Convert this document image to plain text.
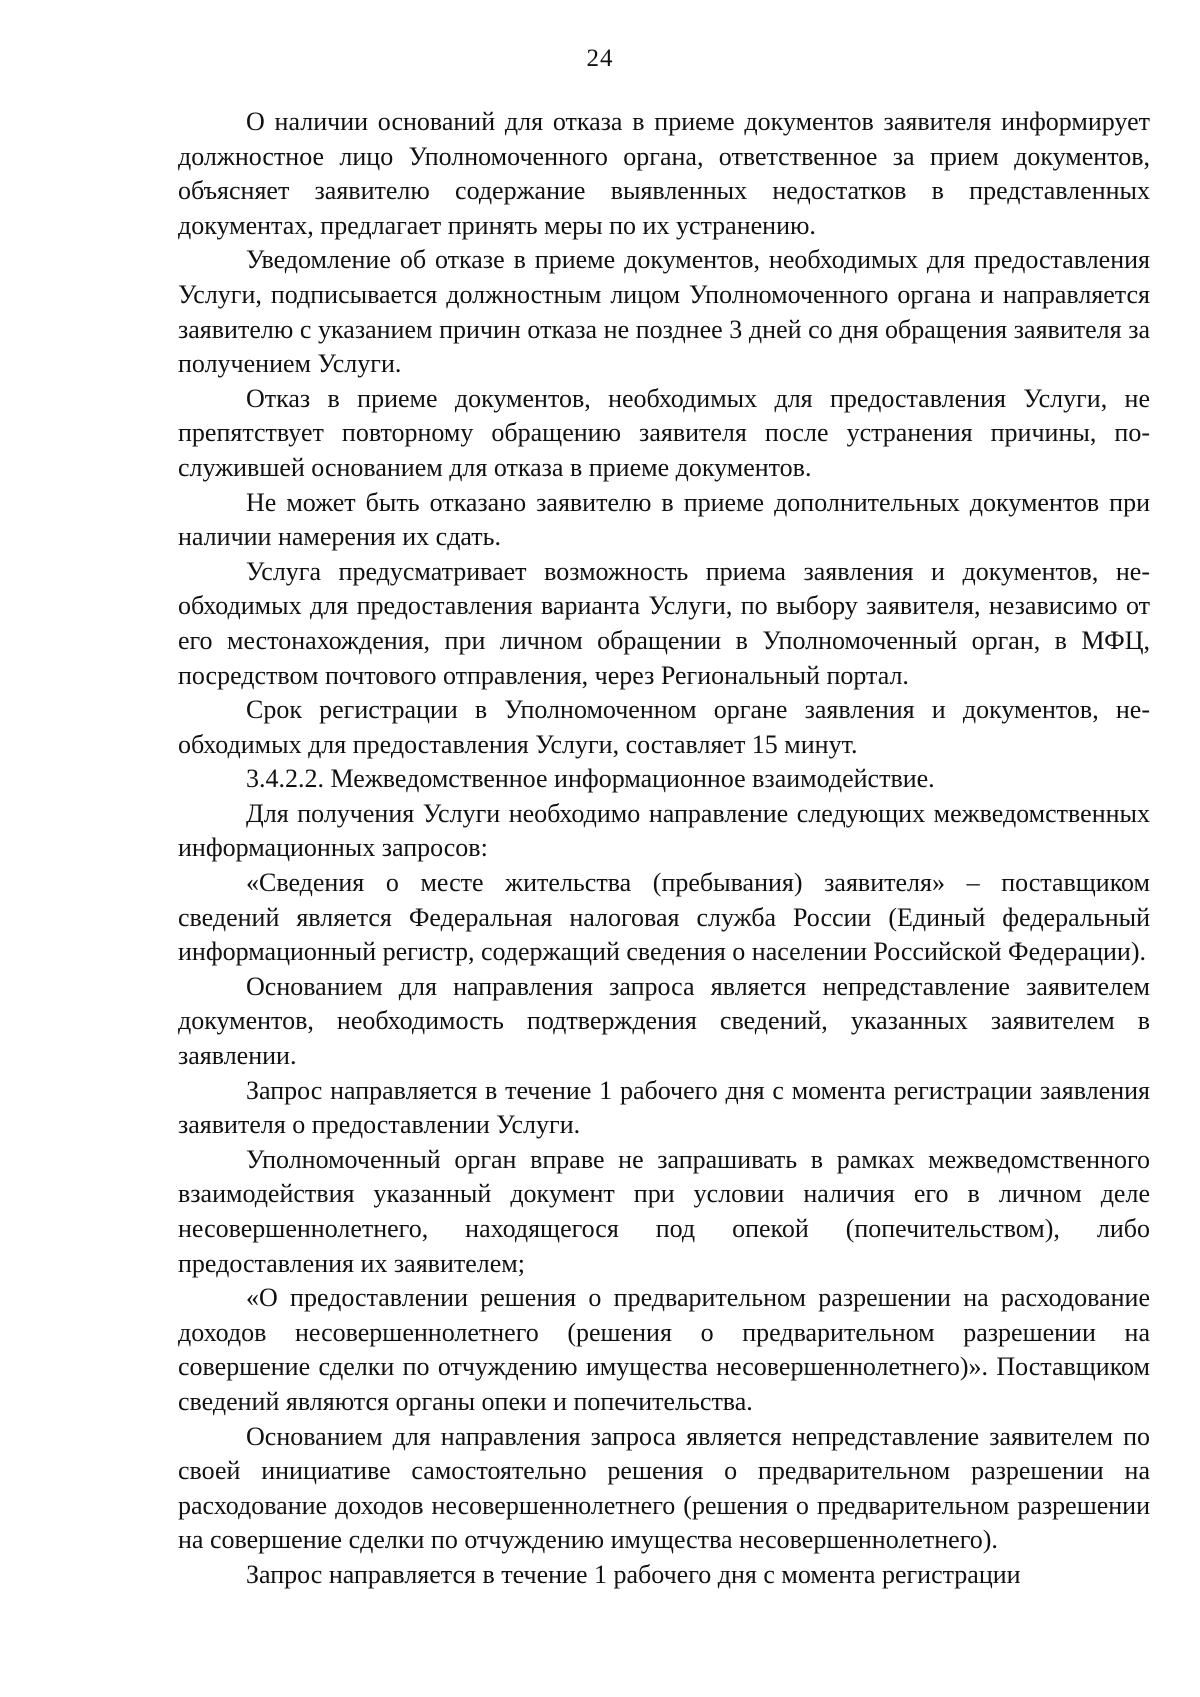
24

О наличии оснований для отказа в приеме документов заявителя информирует должностное лицо Уполномоченного органа, ответственное за прием документов, объясняет заявителю содержание выявленных недостатков в представленных документах, предлагает принять меры по их устранению.

Уведомление об отказе в приеме документов, необходимых для предоставления Услуги, подписывается должностным лицом Уполномоченного органа и направляется заявителю с указанием причин отказа не позднее 3 дней со дня обращения заявителя за получением Услуги.

Отказ в приеме документов, необходимых для предоставления Услуги, не препятствует повторному обращению заявителя после устранения причины, послужившей основанием для отказа в приеме документов.

Не может быть отказано заявителю в приеме дополнительных документов при наличии намерения их сдать.

Услуга предусматривает возможность приема заявления и документов, необходимых для предоставления варианта Услуги, по выбору заявителя, независимо от его местонахождения, при личном обращении в Уполномоченный орган, в МФЦ, посредством почтового отправления, через Региональный портал.

Срок регистрации в Уполномоченном органе заявления и документов, необходимых для предоставления Услуги, составляет 15 минут.

3.4.2.2. Межведомственное информационное взаимодействие.

Для получения Услуги необходимо направление следующих межведомственных информационных запросов:

«Сведения о месте жительства (пребывания) заявителя» – поставщиком сведений является Федеральная налоговая служба России (Единый федеральный информационный регистр, содержащий сведения о населении Российской Федерации).

Основанием для направления запроса является непредставление заявителем документов, необходимость подтверждения сведений, указанных заявителем в заявлении.

Запрос направляется в течение 1 рабочего дня с момента регистрации заявления заявителя о предоставлении Услуги.

Уполномоченный орган вправе не запрашивать в рамках межведомственного взаимодействия указанный документ при условии наличия его в личном деле несовершеннолетнего, находящегося под опекой (попечительством), либо предоставления их заявителем;

«О предоставлении решения о предварительном разрешении на расходование доходов несовершеннолетнего (решения о предварительном разрешении на совершение сделки по отчуждению имущества несовершеннолетнего)». Поставщиком сведений являются органы опеки и попечительства.

Основанием для направления запроса является непредставление заявителем по своей инициативе самостоятельно решения о предварительном разрешении на расходование доходов несовершеннолетнего (решения о предварительном разрешении на совершение сделки по отчуждению имущества несовершеннолетнего).

Запрос направляется в течение 1 рабочего дня с момента регистрации
